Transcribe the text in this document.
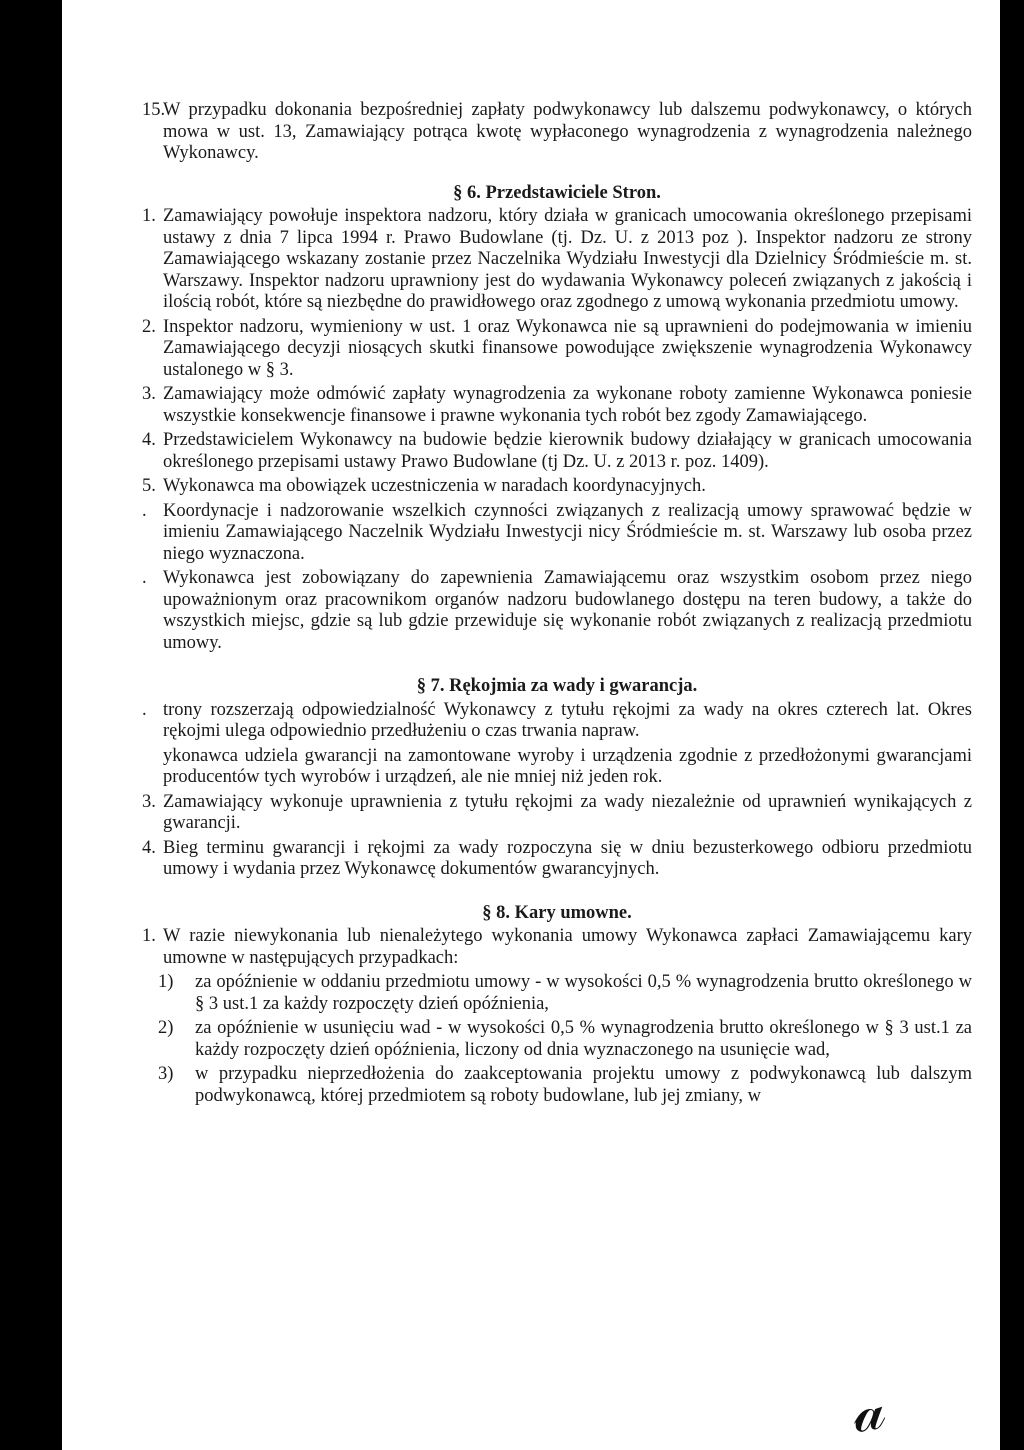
15.
W przypadku dokonania bezpośredniej zapłaty podwykonawcy lub dalszemu podwykonawcy, o których mowa w ust. 13, Zamawiający potrąca kwotę wypłaconego wynagrodzenia z wynagrodzenia należnego Wykonawcy.
§ 6. Przedstawiciele Stron.
1. Zamawiający powołuje inspektora nadzoru, który działa w granicach umocowania określonego przepisami ustawy z dnia 7 lipca 1994 r. Prawo Budowlane (tj. Dz. U. z 2013 poz ). Inspektor nadzoru ze strony Zamawiającego wskazany zostanie przez Naczelnika Wydziału Inwestycji dla Dzielnicy Śródmieście m. st. Warszawy. Inspektor nadzoru uprawniony jest do wydawania Wykonawcy poleceń związanych z jakością i ilością robót, które są niezbędne do prawidłowego oraz zgodnego z umową wykonania przedmiotu umowy.
2. Inspektor nadzoru, wymieniony w ust. 1 oraz Wykonawca nie są uprawnieni do podejmowania w imieniu Zamawiającego decyzji niosących skutki finansowe powodujące zwiększenie wynagrodzenia Wykonawcy ustalonego w § 3.
3. Zamawiający może odmówić zapłaty wynagrodzenia za wykonane roboty zamienne Wykonawca poniesie wszystkie konsekwencje finansowe i prawne wykonania tych robót bez zgody Zamawiającego.
4. Przedstawicielem Wykonawcy na budowie będzie kierownik budowy działający w granicach umocowania określonego przepisami ustawy Prawo Budowlane (tj Dz. U. z 2013 r. poz. 1409).
5. Wykonawca ma obowiązek uczestniczenia w naradach koordynacyjnych.
. Koordynacje i nadzorowanie wszelkich czynności związanych z realizacją umowy sprawować będzie w imieniu Zamawiającego Naczelnik Wydziału Inwestycji nicy Śródmieście m. st. Warszawy lub osoba przez niego wyznaczona.
. Wykonawca jest zobowiązany do zapewnienia Zamawiającemu oraz wszystkim osobom przez niego upoważnionym oraz pracownikom organów nadzoru budowlanego dostępu na teren budowy, a także do wszystkich miejsc, gdzie są lub gdzie przewiduje się wykonanie robót związanych z realizacją przedmiotu umowy.
§ 7. Rękojmia za wady i gwarancja.
. trony rozszerzają odpowiedzialność Wykonawcy z tytułu rękojmi za wady na okres czterech lat. Okres rękojmi ulega odpowiednio przedłużeniu o czas trwania napraw.
ykonawca udziela gwarancji na zamontowane wyroby i urządzenia zgodnie z przedłożonymi gwarancjami producentów tych wyrobów i urządzeń, ale nie mniej niż jeden rok.
3. Zamawiający wykonuje uprawnienia z tytułu rękojmi za wady niezależnie od uprawnień wynikających z gwarancji.
4. Bieg terminu gwarancji i rękojmi za wady rozpoczyna się w dniu bezusterkowego odbioru przedmiotu umowy i wydania przez Wykonawcę dokumentów gwarancyjnych.
§ 8. Kary umowne.
1. W razie niewykonania lub nienależytego wykonania umowy Wykonawca zapłaci Zamawiającemu kary umowne w następujących przypadkach:
1) za opóźnienie w oddaniu przedmiotu umowy - w wysokości 0,5 % wynagrodzenia brutto określonego w § 3 ust.1 za każdy rozpoczęty dzień opóźnienia,
2) za opóźnienie w usunięciu wad - w wysokości 0,5 % wynagrodzenia brutto określonego w § 3 ust.1 za każdy rozpoczęty dzień opóźnienia, liczony od dnia wyznaczonego na usunięcie wad,
3) w przypadku nieprzedłożenia do zaakceptowania projektu umowy z podwykonawcą lub dalszym podwykonawcą, której przedmiotem są roboty budowlane, lub jej zmiany, w
𝒶
